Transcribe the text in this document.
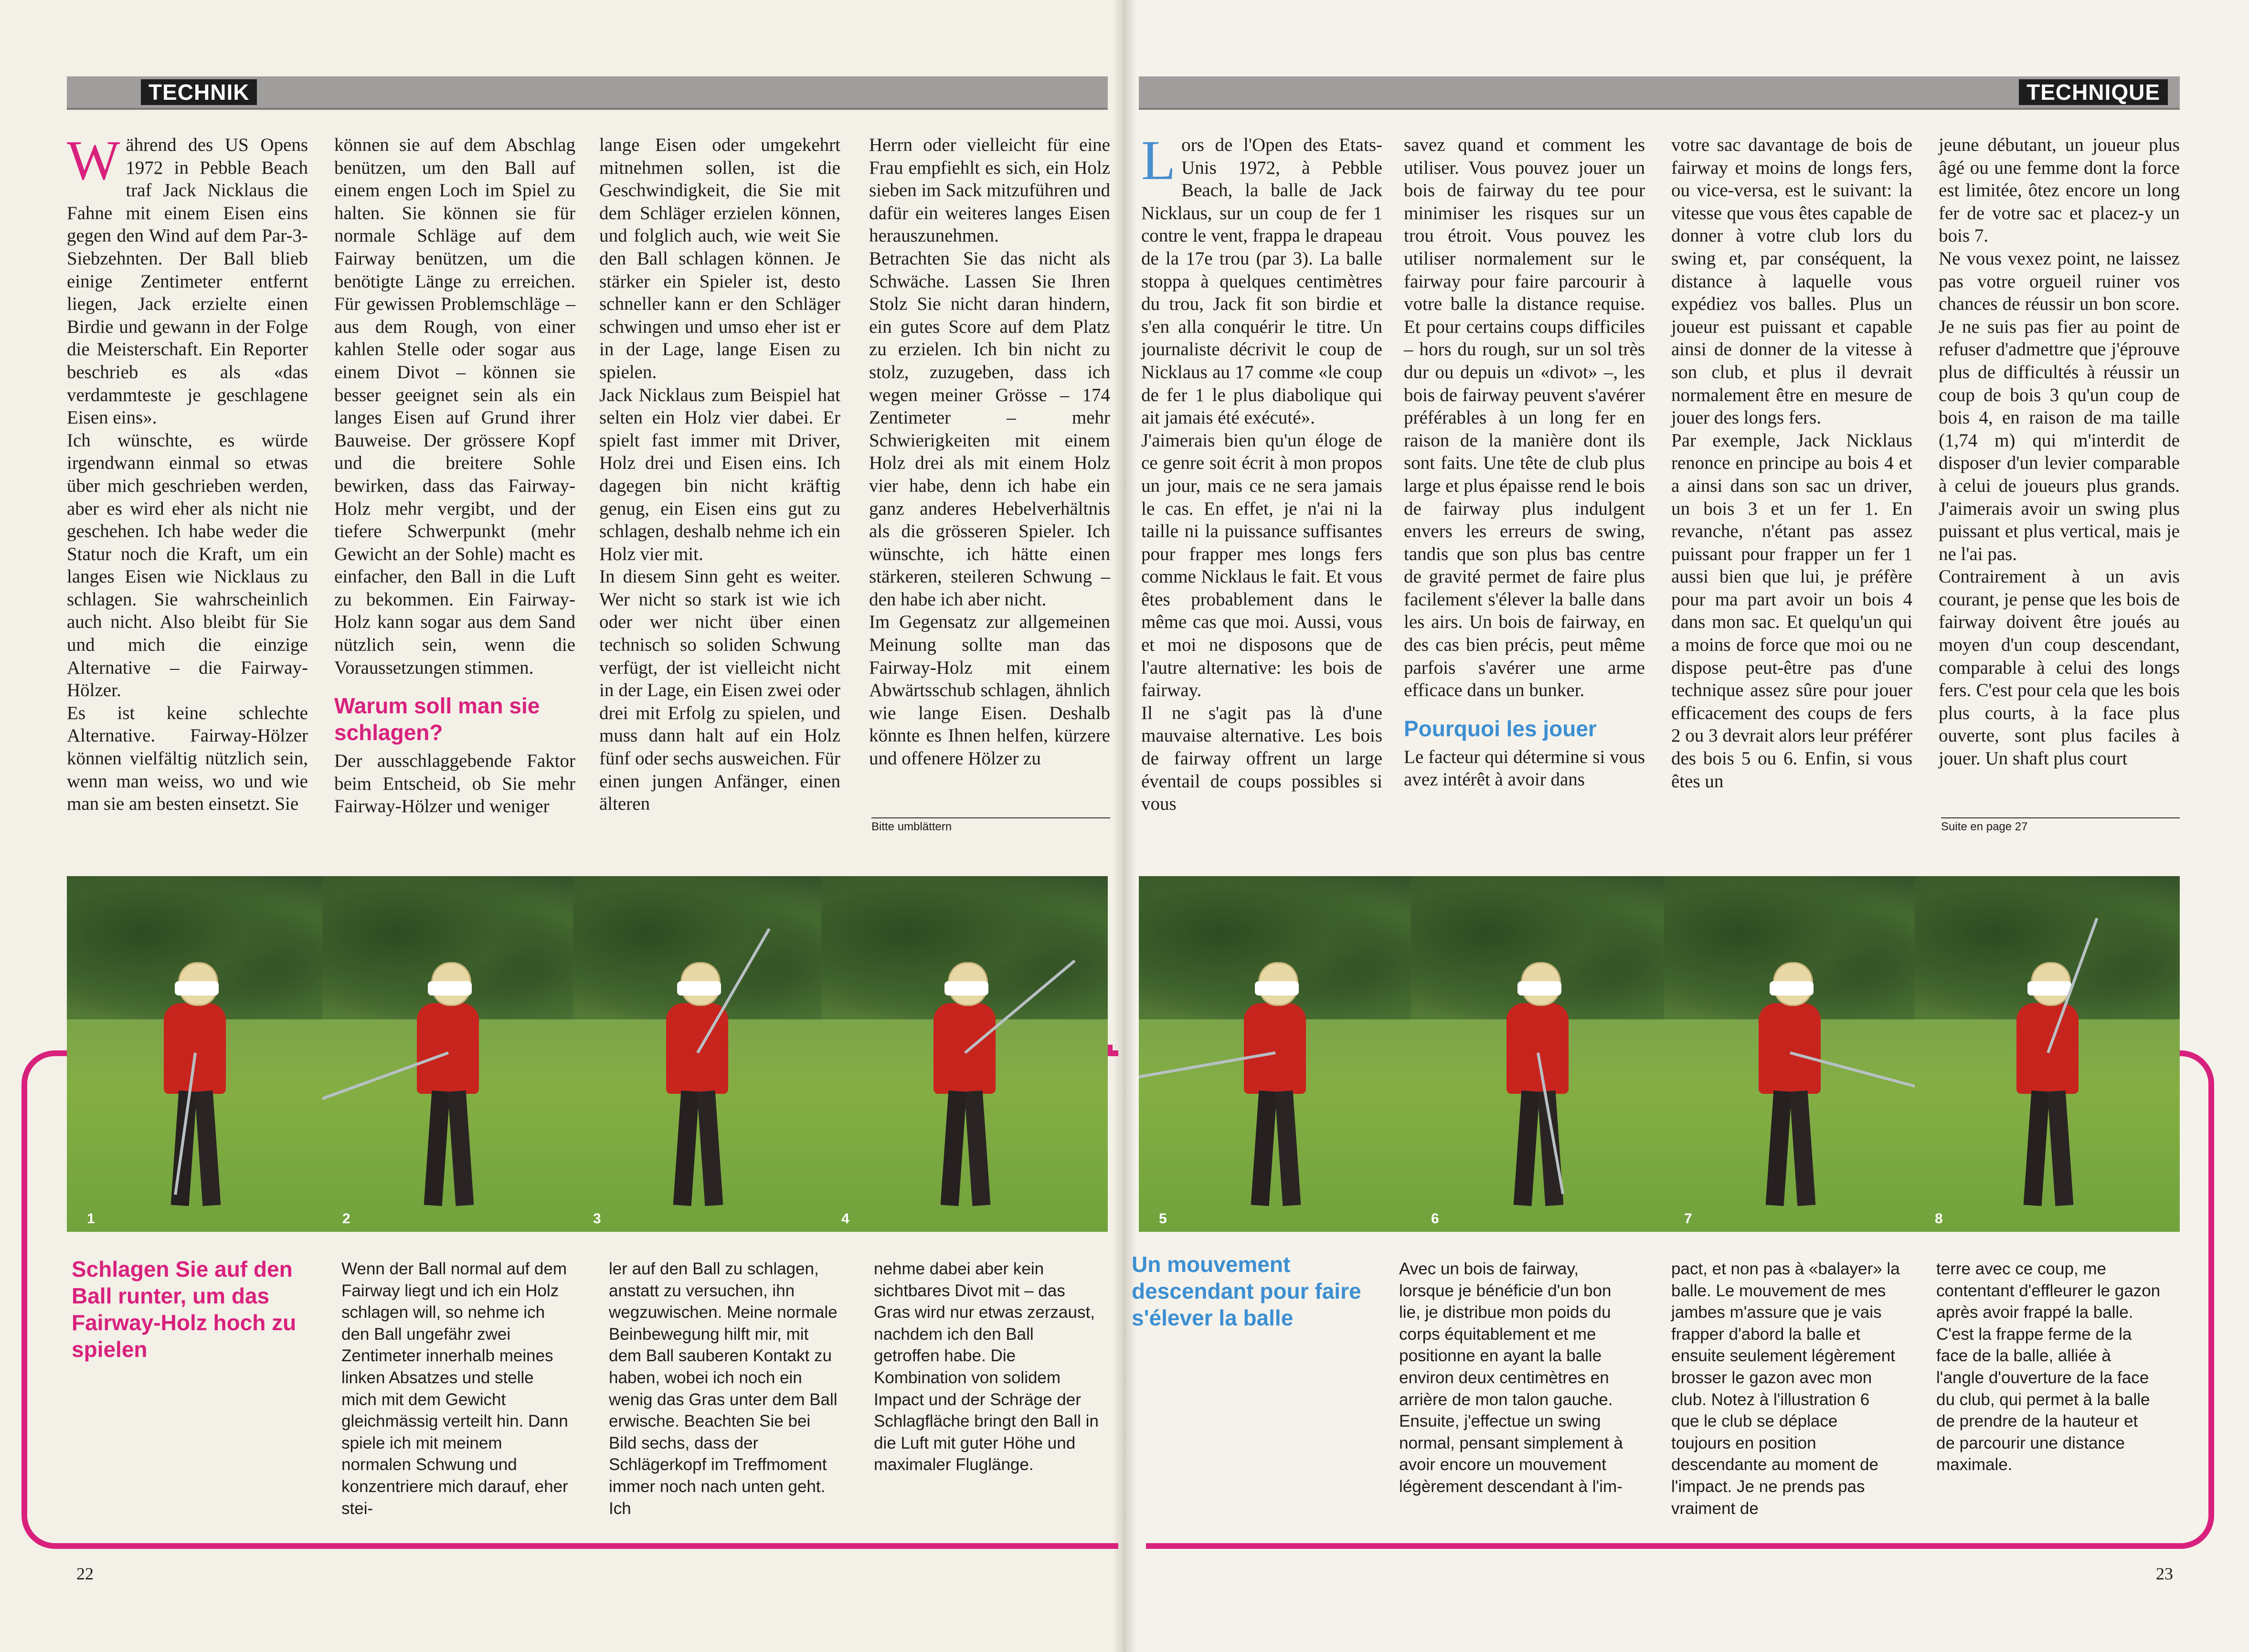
TECHNIK	TECHNIQUE

Während des US Opens 1972 in Pebble Beach traf Jack Nicklaus die Fahne mit einem Eisen eins gegen den Wind auf dem Par-3-Siebzehnten. Der Ball blieb einige Zentimeter entfernt liegen, Jack erzielte einen Birdie und gewann in der Folge die Meisterschaft. Ein Reporter beschrieb es als «das verdammteste je geschlagene Eisen eins».

Ich wünschte, es würde irgendwann einmal so etwas über mich geschrieben werden, aber es wird eher als nicht nie geschehen. Ich habe weder die Statur noch die Kraft, um ein langes Eisen wie Nicklaus zu schlagen. Sie wahrscheinlich auch nicht. Also bleibt für Sie und mich die einzige Alternative – die Fairway-Hölzer.

Es ist keine schlechte Alternative. Fairway-Hölzer können vielfältig nützlich sein, wenn man weiss, wo und wie man sie am besten einsetzt. Sie

können sie auf dem Abschlag benützen, um den Ball auf einem engen Loch im Spiel zu halten. Sie können sie für normale Schläge auf dem Fairway benützen, um die benötigte Länge zu erreichen. Für gewissen Problemschläge – aus dem Rough, von einer kahlen Stelle oder sogar aus einem Divot – können sie besser geeignet sein als ein langes Eisen auf Grund ihrer Bauweise. Der grössere Kopf und die breitere Sohle bewirken, dass das Fairway-Holz mehr vergibt, und der tiefere Schwerpunkt (mehr Gewicht an der Sohle) macht es einfacher, den Ball in die Luft zu bekommen. Ein Fairway-Holz kann sogar aus dem Sand nützlich sein, wenn die Voraussetzungen stimmen.

Warum soll man sie schlagen?

Der ausschlaggebende Faktor beim Entscheid, ob Sie mehr Fairway-Hölzer und weniger

lange Eisen oder umgekehrt mitnehmen sollen, ist die Geschwindigkeit, die Sie mit dem Schläger erzielen können, und folglich auch, wie weit Sie den Ball schlagen können. Je stärker ein Spieler ist, desto schneller kann er den Schläger schwingen und umso eher ist er in der Lage, lange Eisen zu spielen.

Jack Nicklaus zum Beispiel hat selten ein Holz vier dabei. Er spielt fast immer mit Driver, Holz drei und Eisen eins. Ich dagegen bin nicht kräftig genug, ein Eisen eins gut zu schlagen, deshalb nehme ich ein Holz vier mit.

In diesem Sinn geht es weiter. Wer nicht so stark ist wie ich oder wer nicht über einen technisch so soliden Schwung verfügt, der ist vielleicht nicht in der Lage, ein Eisen zwei oder drei mit Erfolg zu spielen, und muss dann halt auf ein Holz fünf oder sechs ausweichen. Für einen jungen Anfänger, einen älteren

Herrn oder vielleicht für eine Frau empfiehlt es sich, ein Holz sieben im Sack mitzuführen und dafür ein weiteres langes Eisen herauszunehmen.

Betrachten Sie das nicht als Schwäche. Lassen Sie Ihren Stolz Sie nicht daran hindern, ein gutes Score auf dem Platz zu erzielen. Ich bin nicht zu stolz, zuzugeben, dass ich wegen meiner Grösse – 174 Zentimeter – mehr Schwierigkeiten mit einem Holz drei als mit einem Holz vier habe, denn ich habe ein ganz anderes Hebelverhältnis als die grösseren Spieler. Ich wünschte, ich hätte einen stärkeren, steileren Schwung – den habe ich aber nicht.

Im Gegensatz zur allgemeinen Meinung sollte man das Fairway-Holz mit einem Abwärtsschub schlagen, ähnlich wie lange Eisen. Deshalb könnte es Ihnen helfen, kürzere und offenere Hölzer zu

Bitte umblättern

Lors de l'Open des Etats-Unis 1972, à Pebble Beach, la balle de Jack Nicklaus, sur un coup de fer 1 contre le vent, frappa le drapeau de la 17e trou (par 3). La balle stoppa à quelques centimètres du trou, Jack fit son birdie et s'en alla conquérir le titre. Un journaliste décrivit le coup de Nicklaus au 17 comme «le coup de fer 1 le plus diabolique qui ait jamais été exécuté».

J'aimerais bien qu'un éloge de ce genre soit écrit à mon propos un jour, mais ce ne sera jamais le cas. En effet, je n'ai ni la taille ni la puissance suffisantes pour frapper mes longs fers comme Nicklaus le fait. Et vous êtes probablement dans le même cas que moi. Aussi, vous et moi ne disposons que de l'autre alternative: les bois de fairway.

Il ne s'agit pas là d'une mauvaise alternative. Les bois de fairway offrent un large éventail de coups possibles si vous

savez quand et comment les utiliser. Vous pouvez jouer un bois de fairway du tee pour minimiser les risques sur un trou étroit. Vous pouvez les utiliser normalement sur le fairway pour faire parcourir à votre balle la distance requise. Et pour certains coups difficiles – hors du rough, sur un sol très dur ou depuis un «divot» –, les bois de fairway peuvent s'avérer préférables à un long fer en raison de la manière dont ils sont faits. Une tête de club plus large et plus épaisse rend le bois de fairway plus indulgent envers les erreurs de swing, tandis que son plus bas centre de gravité permet de faire plus facilement s'élever la balle dans les airs. Un bois de fairway, en des cas bien précis, peut même parfois s'avérer une arme efficace dans un bunker.

Pourquoi les jouer

Le facteur qui détermine si vous avez intérêt à avoir dans

votre sac davantage de bois de fairway et moins de longs fers, ou vice-versa, est le suivant: la vitesse que vous êtes capable de donner à votre club lors du swing et, par conséquent, la distance à laquelle vous expédiez vos balles. Plus un joueur est puissant et capable ainsi de donner de la vitesse à son club, et plus il devrait normalement être en mesure de jouer des longs fers.

Par exemple, Jack Nicklaus renonce en principe au bois 4 et a ainsi dans son sac un driver, un bois 3 et un fer 1. En revanche, n'étant pas assez puissant pour frapper un fer 1 aussi bien que lui, je préfère pour ma part avoir un bois 4 dans mon sac. Et quelqu'un qui a moins de force que moi ou ne dispose peut-être pas d'une technique assez sûre pour jouer efficacement des coups de fers 2 ou 3 devrait alors leur préférer des bois 5 ou 6. Enfin, si vous êtes un

jeune débutant, un joueur plus âgé ou une femme dont la force est limitée, ôtez encore un long fer de votre sac et placez-y un bois 7.

Ne vous vexez point, ne laissez pas votre orgueil ruiner vos chances de réussir un bon score. Je ne suis pas fier au point de refuser d'admettre que j'éprouve plus de difficultés à réussir un coup de bois 3 qu'un coup de bois 4, en raison de ma taille (1,74 m) qui m'interdit de disposer d'un levier comparable à celui de joueurs plus grands. J'aimerais avoir un swing plus puissant et plus vertical, mais je ne l'ai pas.

Contrairement à un avis courant, je pense que les bois de fairway doivent être joués au moyen d'un coup descendant, comparable à celui des longs fers. C'est pour cela que les bois plus courts, à la face plus ouverte, sont plus faciles à jouer. Un shaft plus court

Suite en page 27
1	2	3	4	5	6	7	8
Schlagen Sie auf den Ball runter, um das Fairway-Holz hoch zu spielen
Wenn der Ball normal auf dem Fairway liegt und ich ein Holz schlagen will, so nehme ich den Ball ungefähr zwei Zentimeter innerhalb meines linken Absatzes und stelle mich mit dem Gewicht gleichmässig verteilt hin. Dann spiele ich mit meinem normalen Schwung und konzentriere mich darauf, eher stei-
ler auf den Ball zu schlagen, anstatt zu versuchen, ihn wegzuwischen. Meine normale Beinbewegung hilft mir, mit dem Ball sauberen Kontakt zu haben, wobei ich noch ein wenig das Gras unter dem Ball erwische. Beachten Sie bei Bild sechs, dass der Schlägerkopf im Treffmoment immer noch nach unten geht. Ich
nehme dabei aber kein sichtbares Divot mit – das Gras wird nur etwas zerzaust, nachdem ich den Ball getroffen habe. Die Kombination von solidem Impact und der Schräge der Schlagfläche bringt den Ball in die Luft mit guter Höhe und maximaler Fluglänge.
Un mouvement descendant pour faire s'élever la balle
Avec un bois de fairway, lorsque je bénéficie d'un bon lie, je distribue mon poids du corps équitablement et me positionne en ayant la balle environ deux centimètres en arrière de mon talon gauche. Ensuite, j'effectue un swing normal, pensant simplement à avoir encore un mouvement légèrement descendant à l'im-
pact, et non pas à «balayer» la balle. Le mouvement de mes jambes m'assure que je vais frapper d'abord la balle et ensuite seulement légèrement brosser le gazon avec mon club. Notez à l'illustration 6 que le club se déplace toujours en position descendante au moment de l'impact. Je ne prends pas vraiment de
terre avec ce coup, me contentant d'effleurer le gazon après avoir frappé la balle. C'est la frappe ferme de la face de la balle, alliée à l'angle d'ouverture de la face du club, qui permet à la balle de prendre de la hauteur et de parcourir une distance maximale.
22	23
